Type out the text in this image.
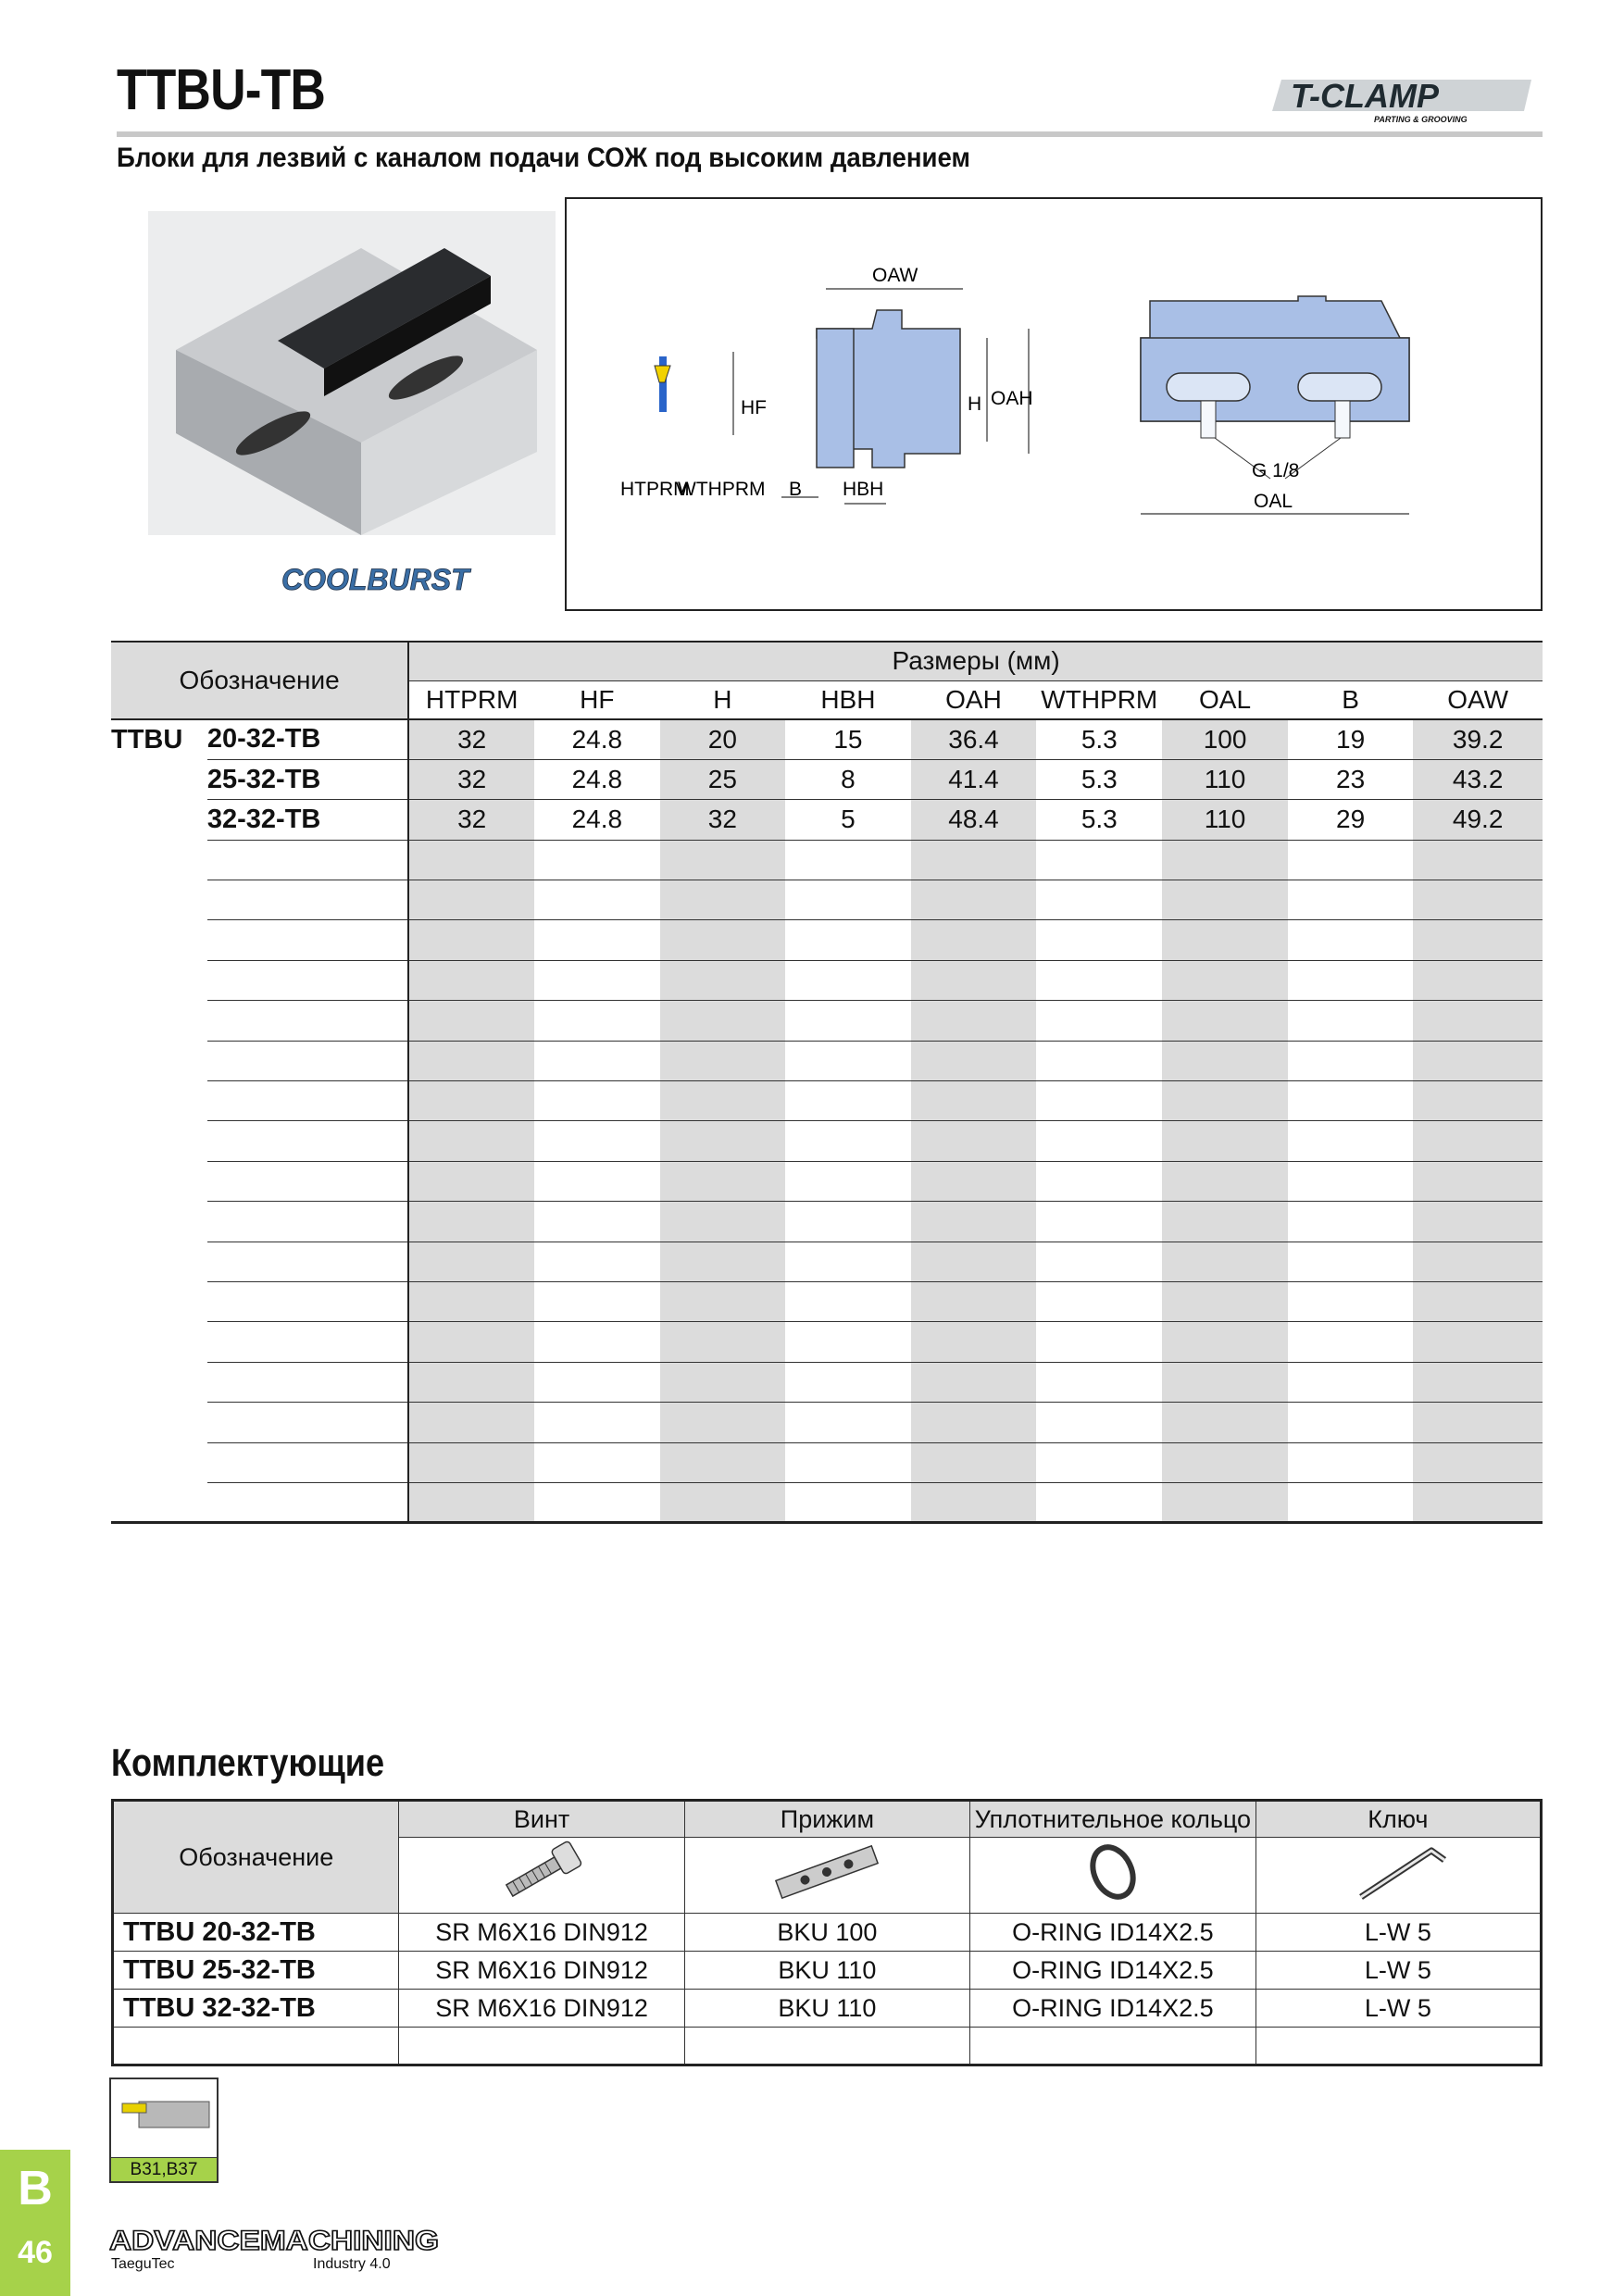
TTBU-TB	T-CLAMP
PARTING & GROOVING
Блоки для лезвий с каналом подачи СОЖ под высоким давлением
COOLBURST
OAW
HF	H OAH
HTPRM
WTHPRM B HBH
G 1/8
OAL
Обозначение		Размеры (мм)								
		HTPRM	HF	H	HBH	OAH	WTHPRM	OAL	B	OAW
TTBU	20-32-TB	32	24.8	20	15	36.4	5.3	100	19	39.2
	25-32-TB	32	24.8	25	8	41.4	5.3	110	23	43.2
	32-32-TB	32	24.8	32	5	48.4	5.3	110	29	49.2

Комплектующие
Обозначение	Винт	Прижим	Уплотнительное кольцо	Ключ

TTBU 20-32-TB	SR M6X16 DIN912	BKU 100	O-RING ID14X2.5	L-W 5
TTBU 25-32-TB	SR M6X16 DIN912	BKU 110	O-RING ID14X2.5	L-W 5
TTBU 32-32-TB	SR M6X16 DIN912	BKU 110	O-RING ID14X2.5	L-W 5

B31,B37
B
46	ADVANCEMACHINING
TaeguTec	Industry 4.0
